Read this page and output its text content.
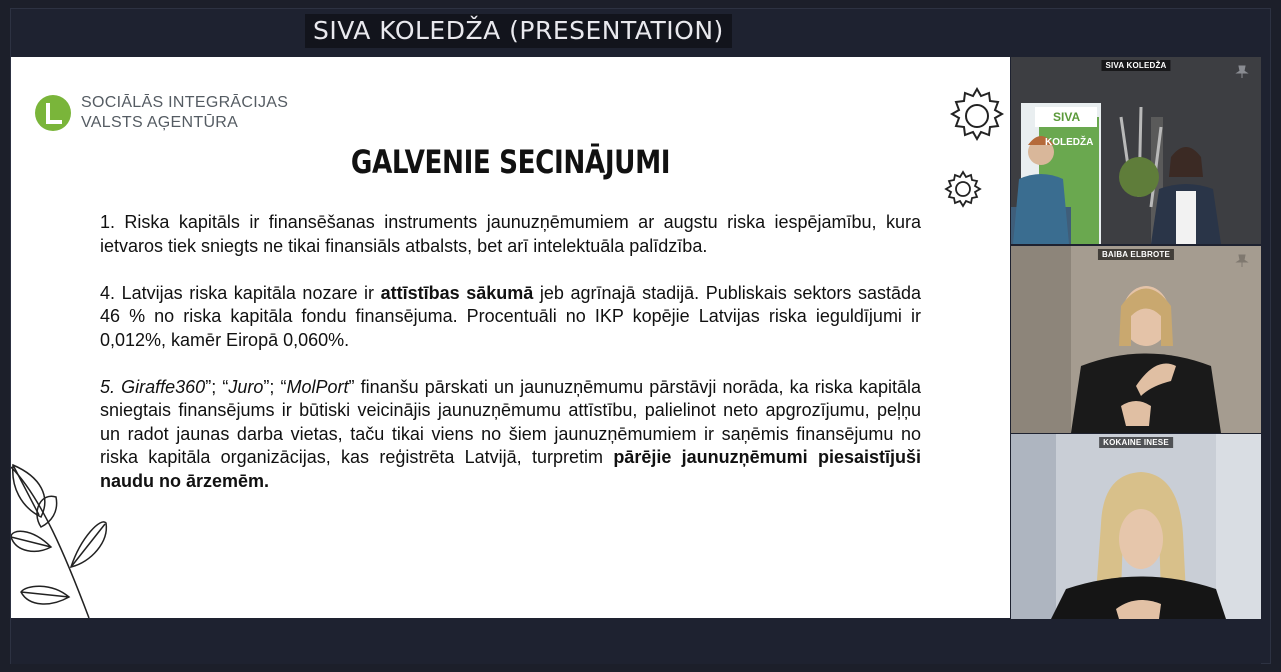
SIVA KOLEDŽA (PRESENTATION)
SOCIĀLĀS INTEGRĀCIJAS
VALSTS AĢENTŪRA
GALVENIE SECINĀJUMI

1. Riska kapitāls ir finansēšanas instruments jaunuzņēmumiem ar augstu riska iespējamību, kura ietvaros tiek sniegts ne tikai finansiāls atbalsts, bet arī intelektuāla palīdzība.

4. Latvijas riska kapitāla nozare ir attīstības sākumā jeb agrīnajā stadijā. Publiskais sektors sastāda 46 % no riska kapitāla fondu finansējuma. Procentuāli no IKP kopējie Latvijas riska ieguldījumi ir 0,012%, kamēr Eiropā 0,060%.

5. Giraffe360”; “Juro”; “MolPort” finanšu pārskati un jaunuzņēmumu pārstāvji norāda, ka riska kapitāla sniegtais finansējums ir būtiski veicinājis jaunuzņēmumu attīstību, palielinot neto apgrozījumu, peļņu un radot jaunas darba vietas, taču tikai viens no šiem jaunuzņēmumiem ir saņēmis finansējumu no riska kapitāla organizācijas, kas reģistrēta Latvijā, turpretim pārējie jaunuzņēmumi piesaistījuši naudu no ārzemēm.

SIVA
KOLEDŽA
SIVA KOLEDŽA
BAIBA ELBROTE
KOKAINE INESE
